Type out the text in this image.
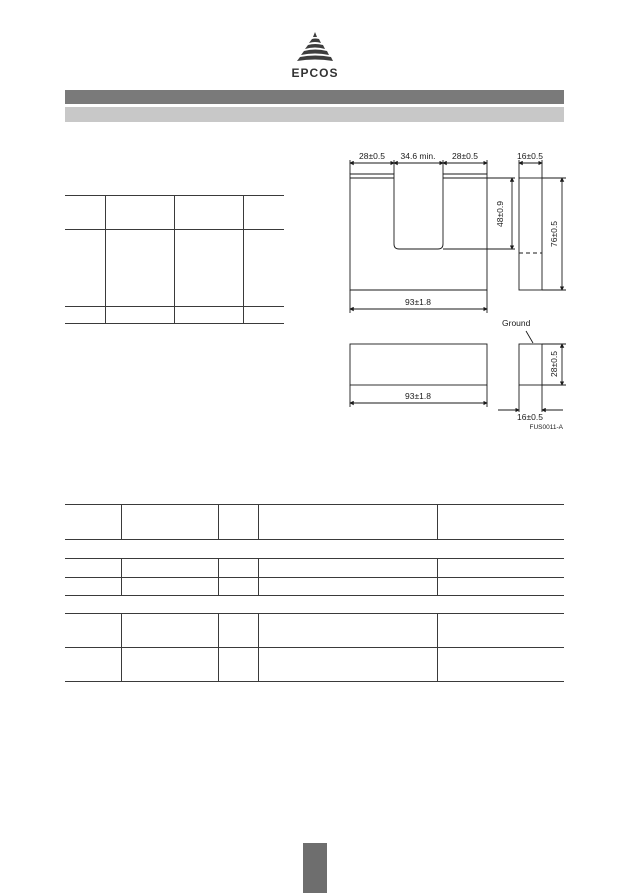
EPCOS
28±0.5 34.6 min. 28±0.5	16±0.5
48±0.9
76±0.5
93±1.8
Ground
28±0.5
93±1.8
16±0.5
FUS0011-A
